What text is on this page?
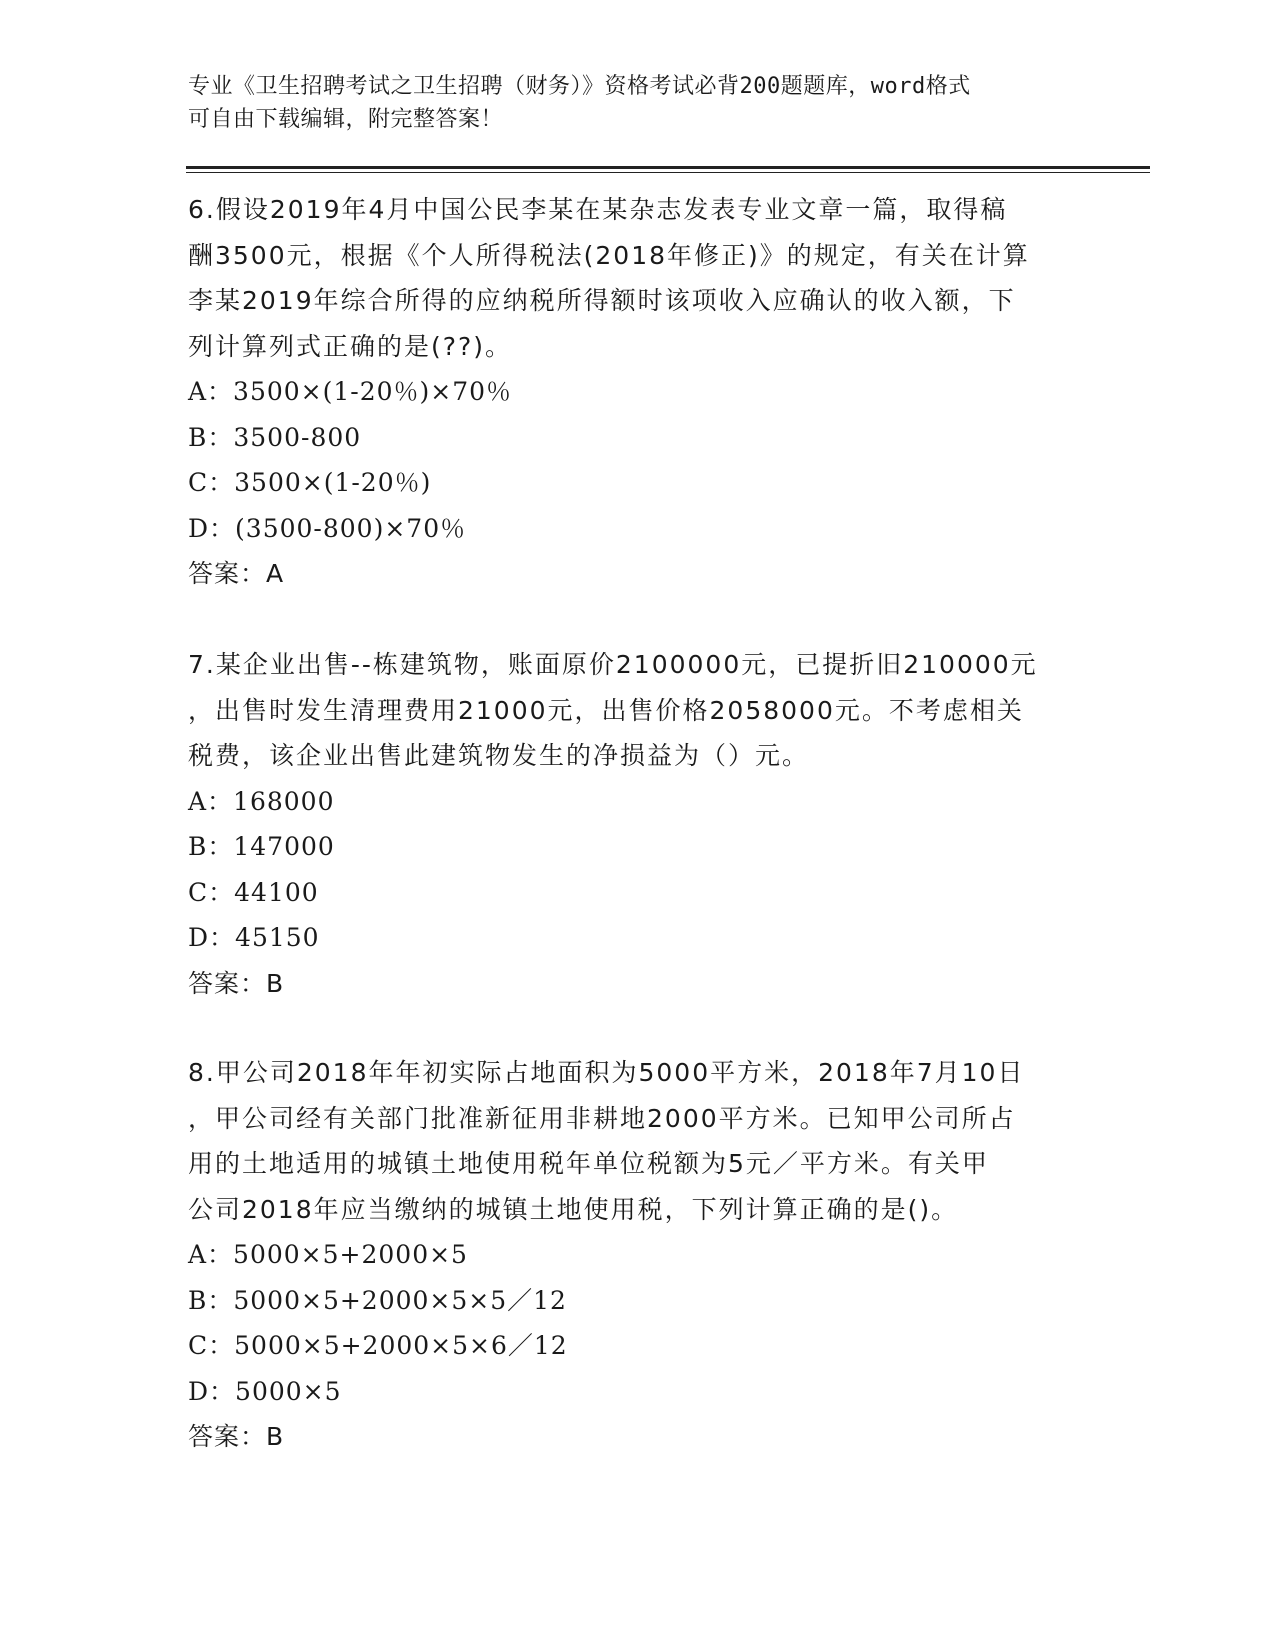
专业《卫生招聘考试之卫生招聘（财务）》资格考试必背200题题库，word格式

可自由下载编辑，附完整答案！

6.假设2019年4月中国公民李某在某杂志发表专业文章一篇，取得稿

酬3500元，根据《个人所得税法(2018年修正)》的规定，有关在计算

李某2019年综合所得的应纳税所得额时该项收入应确认的收入额，下

列计算列式正确的是(??)。

A：3500×(1-20％)×70％

B：3500-800

C：3500×(1-20％)

D：(3500-800)×70％

答案：A

7.某企业出售--栋建筑物，账面原价2100000元，已提折旧210000元

，出售时发生清理费用21000元，出售价格2058000元。不考虑相关

税费，该企业出售此建筑物发生的净损益为（）元。

A：168000

B：147000

C：44100

D：45150

答案：B

8.甲公司2018年年初实际占地面积为5000平方米，2018年7月10日

，甲公司经有关部门批准新征用非耕地2000平方米。已知甲公司所占

用的土地适用的城镇土地使用税年单位税额为5元／平方米。有关甲

公司2018年应当缴纳的城镇土地使用税，下列计算正确的是()。

A：5000×5+2000×5

B：5000×5+2000×5×5／12

C：5000×5+2000×5×6／12

D：5000×5

答案：B
